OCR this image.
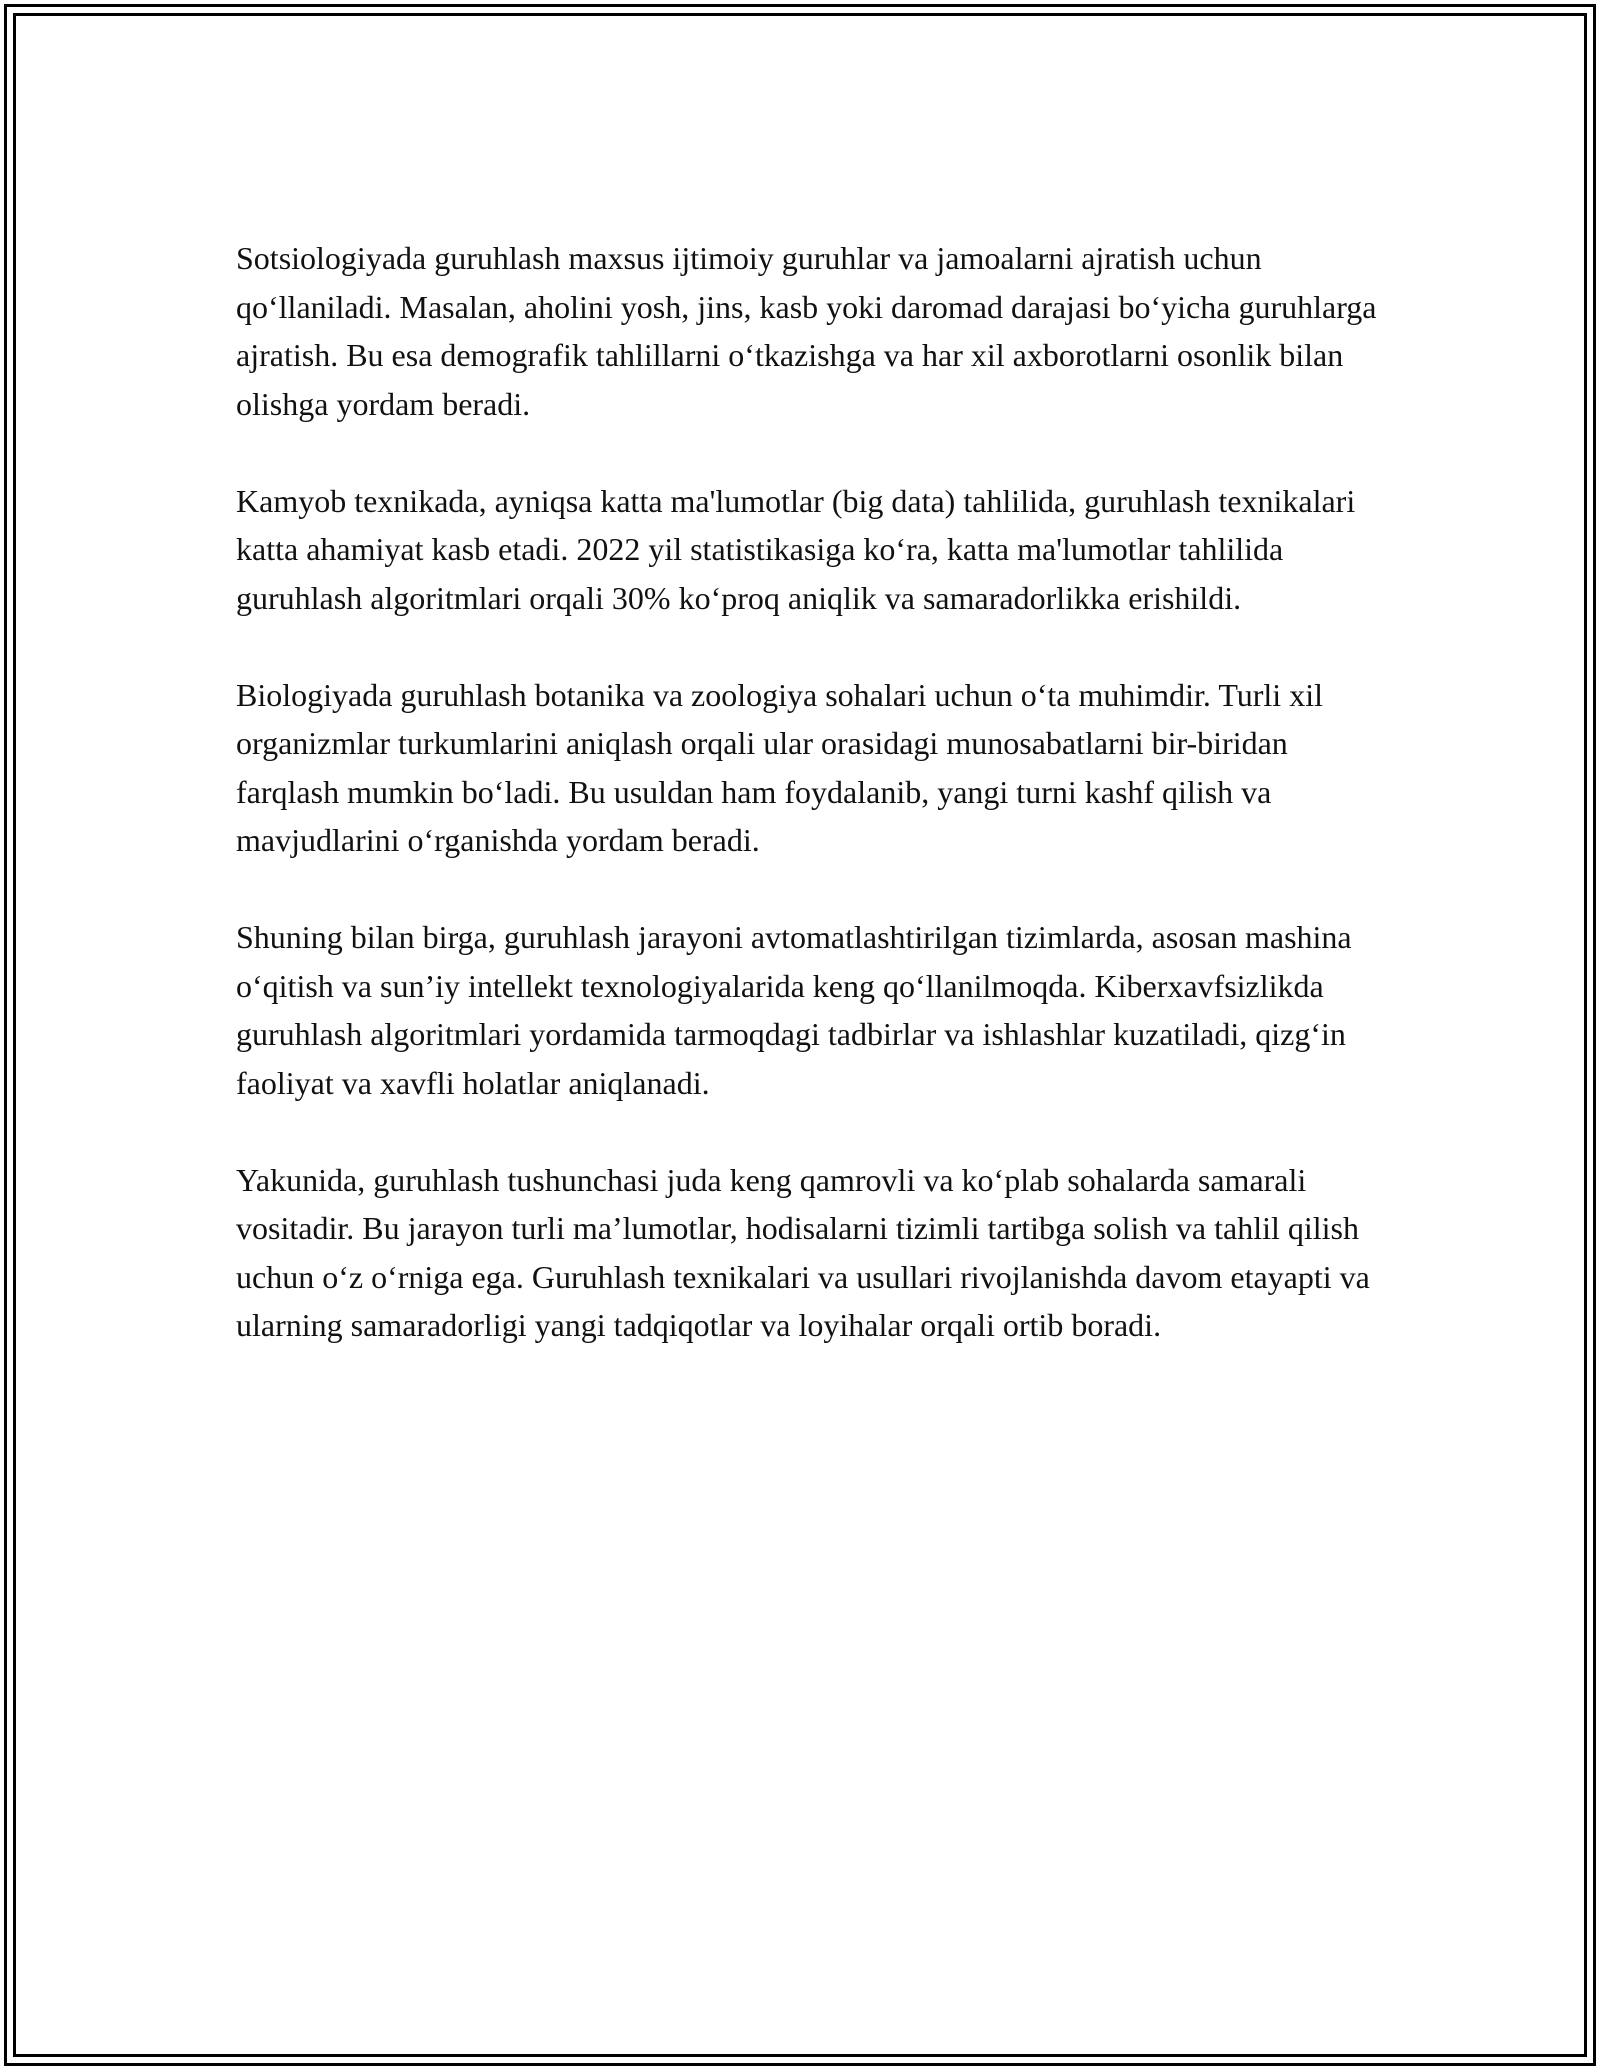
Sotsiologiyada guruhlash maxsus ijtimoiy guruhlar va jamoalarni ajratish uchun qo‘llaniladi. Masalan, aholini yosh, jins, kasb yoki daromad darajasi bo‘yicha guruhlarga ajratish. Bu esa demografik tahlillarni o‘tkazishga va har xil axborotlarni osonlik bilan olishga yordam beradi.

Kamyob texnikada, ayniqsa katta ma'lumotlar (big data) tahlilida, guruhlash texnikalari katta ahamiyat kasb etadi. 2022 yil statistikasiga ko‘ra, katta ma'lumotlar tahlilida guruhlash algoritmlari orqali 30% ko‘proq aniqlik va samaradorlikka erishildi.

Biologiyada guruhlash botanika va zoologiya sohalari uchun o‘ta muhimdir. Turli xil organizmlar turkumlarini aniqlash orqali ular orasidagi munosabatlarni bir-biridan farqlash mumkin bo‘ladi. Bu usuldan ham foydalanib, yangi turni kashf qilish va mavjudlarini o‘rganishda yordam beradi.

Shuning bilan birga, guruhlash jarayoni avtomatlashtirilgan tizimlarda, asosan mashina o‘qitish va sun’iy intellekt texnologiyalarida keng qo‘llanilmoqda. Kiberxavfsizlikda guruhlash algoritmlari yordamida tarmoqdagi tadbirlar va ishlashlar kuzatiladi, qizg‘in faoliyat va xavfli holatlar aniqlanadi.

Yakunida, guruhlash tushunchasi juda keng qamrovli va ko‘plab sohalarda samarali vositadir. Bu jarayon turli ma’lumotlar, hodisalarni tizimli tartibga solish va tahlil qilish uchun o‘z o‘rniga ega. Guruhlash texnikalari va usullari rivojlanishda davom etayapti va ularning samaradorligi yangi tadqiqotlar va loyihalar orqali ortib boradi.
